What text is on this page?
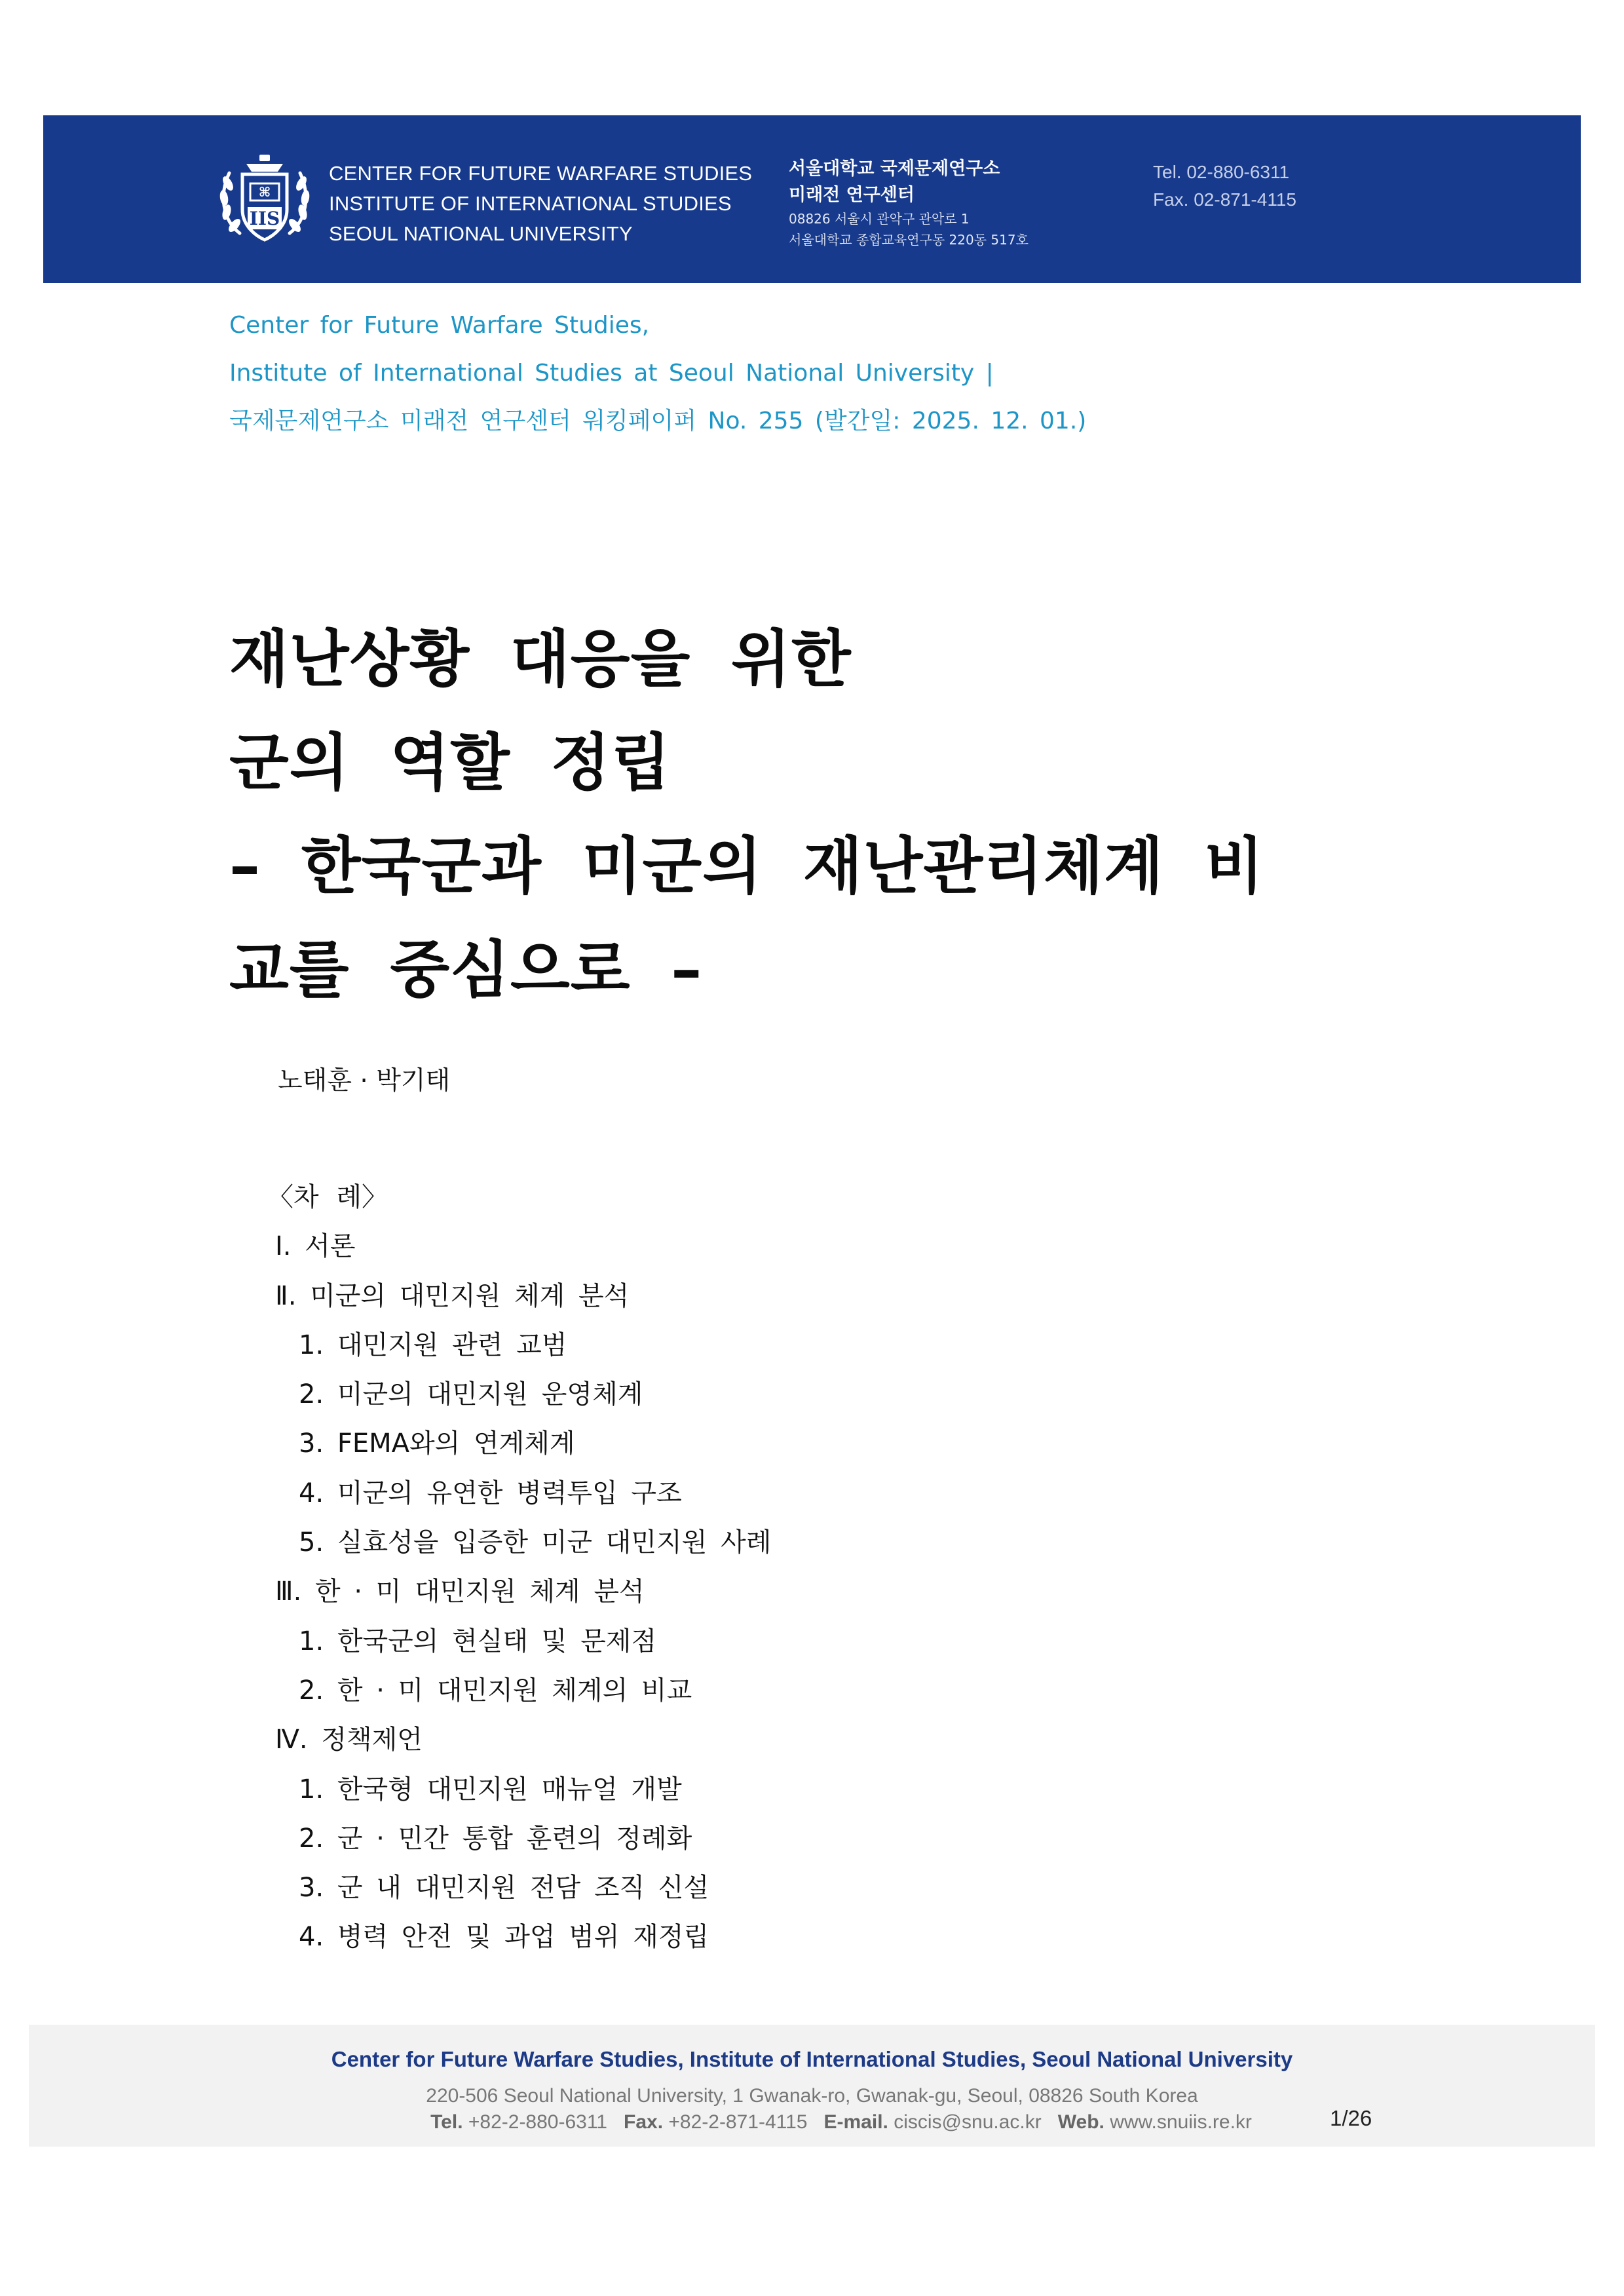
⌘
IIS
CENTER FOR FUTURE WARFARE STUDIES
INSTITUTE OF INTERNATIONAL STUDIES
SEOUL NATIONAL UNIVERSITY
서울대학교 국제문제연구소
미래전 연구센터
08826 서울시 관악구 관악로 1
서울대학교 종합교육연구동 220동 517호
Tel. 02-880-6311
Fax. 02-871-4115
Center for Future Warfare Studies,
Institute of International Studies at Seoul National University |
국제문제연구소 미래전 연구센터 워킹페이퍼 No. 255 (발간일: 2025. 12. 01.)
재난상황 대응을 위한
군의 역할 정립
– 한국군과 미군의 재난관리체계 비
교를 중심으로 –
노태훈 · 박기태
〈차 례〉
Ⅰ. 서론
Ⅱ. 미군의 대민지원 체계 분석
1. 대민지원 관련 교범
2. 미군의 대민지원 운영체계
3. FEMA와의 연계체계
4. 미군의 유연한 병력투입 구조
5. 실효성을 입증한 미군 대민지원 사례
Ⅲ. 한 · 미 대민지원 체계 분석
1. 한국군의 현실태 및 문제점
2. 한 · 미 대민지원 체계의 비교
Ⅳ. 정책제언
1. 한국형 대민지원 매뉴얼 개발
2. 군 · 민간 통합 훈련의 정례화
3. 군 내 대민지원 전담 조직 신설
4. 병력 안전 및 과업 범위 재정립
Center for Future Warfare Studies, Institute of International Studies, Seoul National University
220-506 Seoul National University, 1 Gwanak-ro, Gwanak-gu, Seoul, 08826 South Korea
Tel. +82-2-880-6311 Fax. +82-2-871-4115 E-mail. ciscis@snu.ac.kr Web. www.snuiis.re.kr	1/26
